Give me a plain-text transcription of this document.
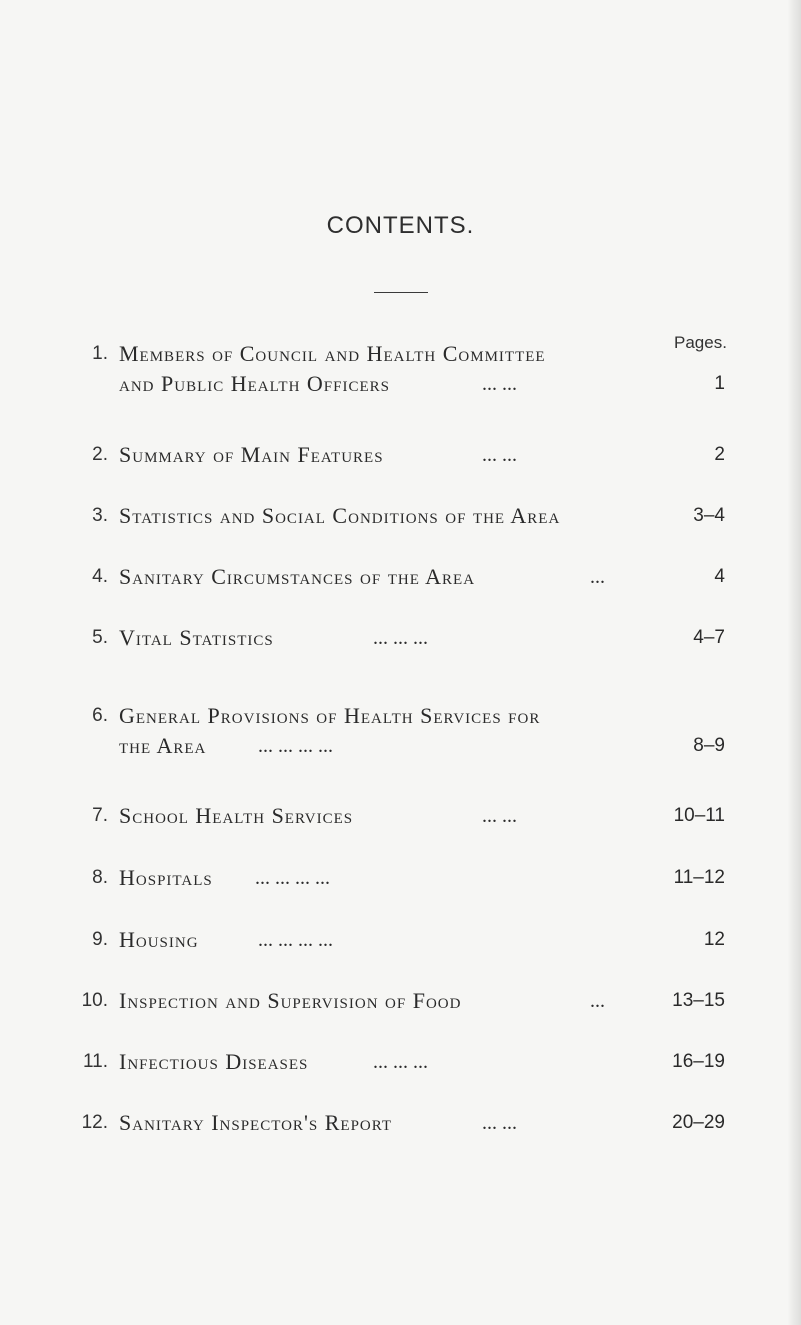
CONTENTS.
Pages.
1. Members of Council and Health Committee
and Public Health Officers	... ...	1
2. Summary of Main Features	... ...	2
3. Statistics and Social Conditions of the Area	3–4
4. Sanitary Circumstances of the Area	...	4
5. Vital Statistics	... ... ...	4–7
6. General Provisions of Health Services for
the Area	... ... ... ...	8–9
7. School Health Services	... ...	10–11
8. Hospitals ... ... ... ...	11–12
9. Housing	... ... ... ...	12
10. Inspection and Supervision of Food	...	13–15
11. Infectious Diseases	... ... ...	16–19
12. Sanitary Inspector's Report	... ...	20–29
